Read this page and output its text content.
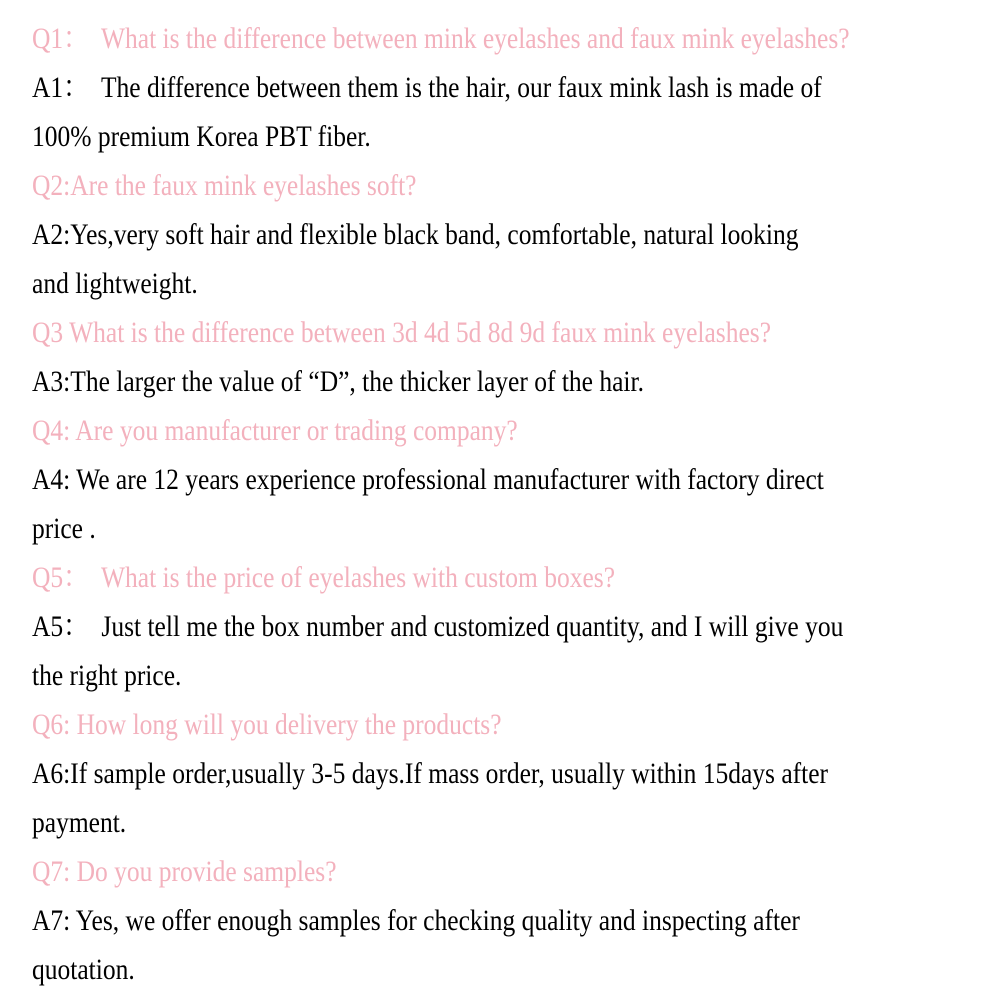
Q1：  What is the difference between mink eyelashes and faux mink eyelashes?
A1：  The difference between them is the hair, our faux mink lash is made of
100% premium Korea PBT fiber.
Q2:Are the faux mink eyelashes soft?
A2:Yes,very soft hair and flexible black band, comfortable, natural looking
and lightweight.
Q3 What is the difference between 3d 4d 5d 8d 9d faux mink eyelashes?
A3:The larger the value of “D”, the thicker layer of the hair.
Q4: Are you manufacturer or trading company?
A4: We are 12 years experience professional manufacturer with factory direct
price .
Q5：  What is the price of eyelashes with custom boxes?
A5：  Just tell me the box number and customized quantity, and I will give you
the right price.
Q6: How long will you delivery the products?
A6:If sample order,usually 3-5 days.If mass order, usually within 15days after
payment.
Q7: Do you provide samples?
A7: Yes, we offer enough samples for checking quality and inspecting after
quotation.
